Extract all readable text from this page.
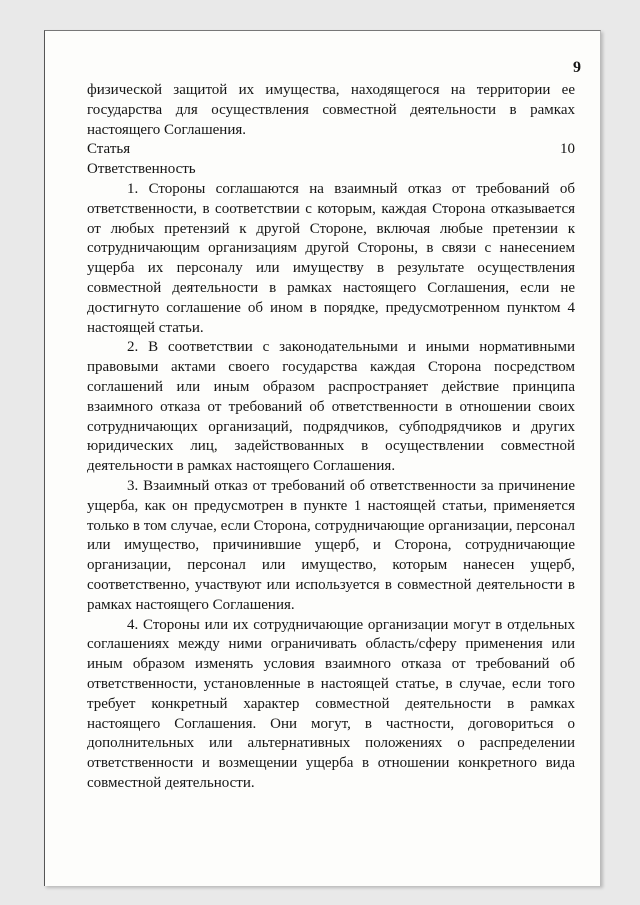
9

физической защитой их имущества, находящегося на территории ее государства для осуществления совместной деятельности в рамках настоящего Соглашения.

Статья 10

Ответственность

1. Стороны соглашаются на взаимный отказ от требований об ответственности, в соответствии с которым, каждая Сторона отказывается от любых претензий к другой Стороне, включая любые претензии к сотрудничающим организациям другой Стороны, в связи с нанесением ущерба их персоналу или имуществу в результате осуществления совместной деятельности в рамках настоящего Соглашения, если не достигнуто соглашение об ином в порядке, предусмотренном пунктом 4 настоящей статьи.

2. В соответствии с законодательными и иными нормативными правовыми актами своего государства каждая Сторона посредством соглашений или иным образом распространяет действие принципа взаимного отказа от требований об ответственности в отношении своих сотрудничающих организаций, подрядчиков, субподрядчиков и других юридических лиц, задействованных в осуществлении совместной деятельности в рамках настоящего Соглашения.

3. Взаимный отказ от требований об ответственности за причинение ущерба, как он предусмотрен в пункте 1 настоящей статьи, применяется только в том случае, если Сторона, сотрудничающие организации, персонал или имущество, причинившие ущерб, и Сторона, сотрудничающие организации, персонал или имущество, которым нанесен ущерб, соответственно, участвуют или используется в совместной деятельности в рамках настоящего Соглашения.

4. Стороны или их сотрудничающие организации могут в отдельных соглашениях между ними ограничивать область/сферу применения или иным образом изменять условия взаимного отказа от требований об ответственности, установленные в настоящей статье, в случае, если того требует конкретный характер совместной деятельности в рамках настоящего Соглашения. Они могут, в частности, договориться о дополнительных или альтернативных положениях о распределении ответственности и возмещении ущерба в отношении конкретного вида совместной деятельности.
